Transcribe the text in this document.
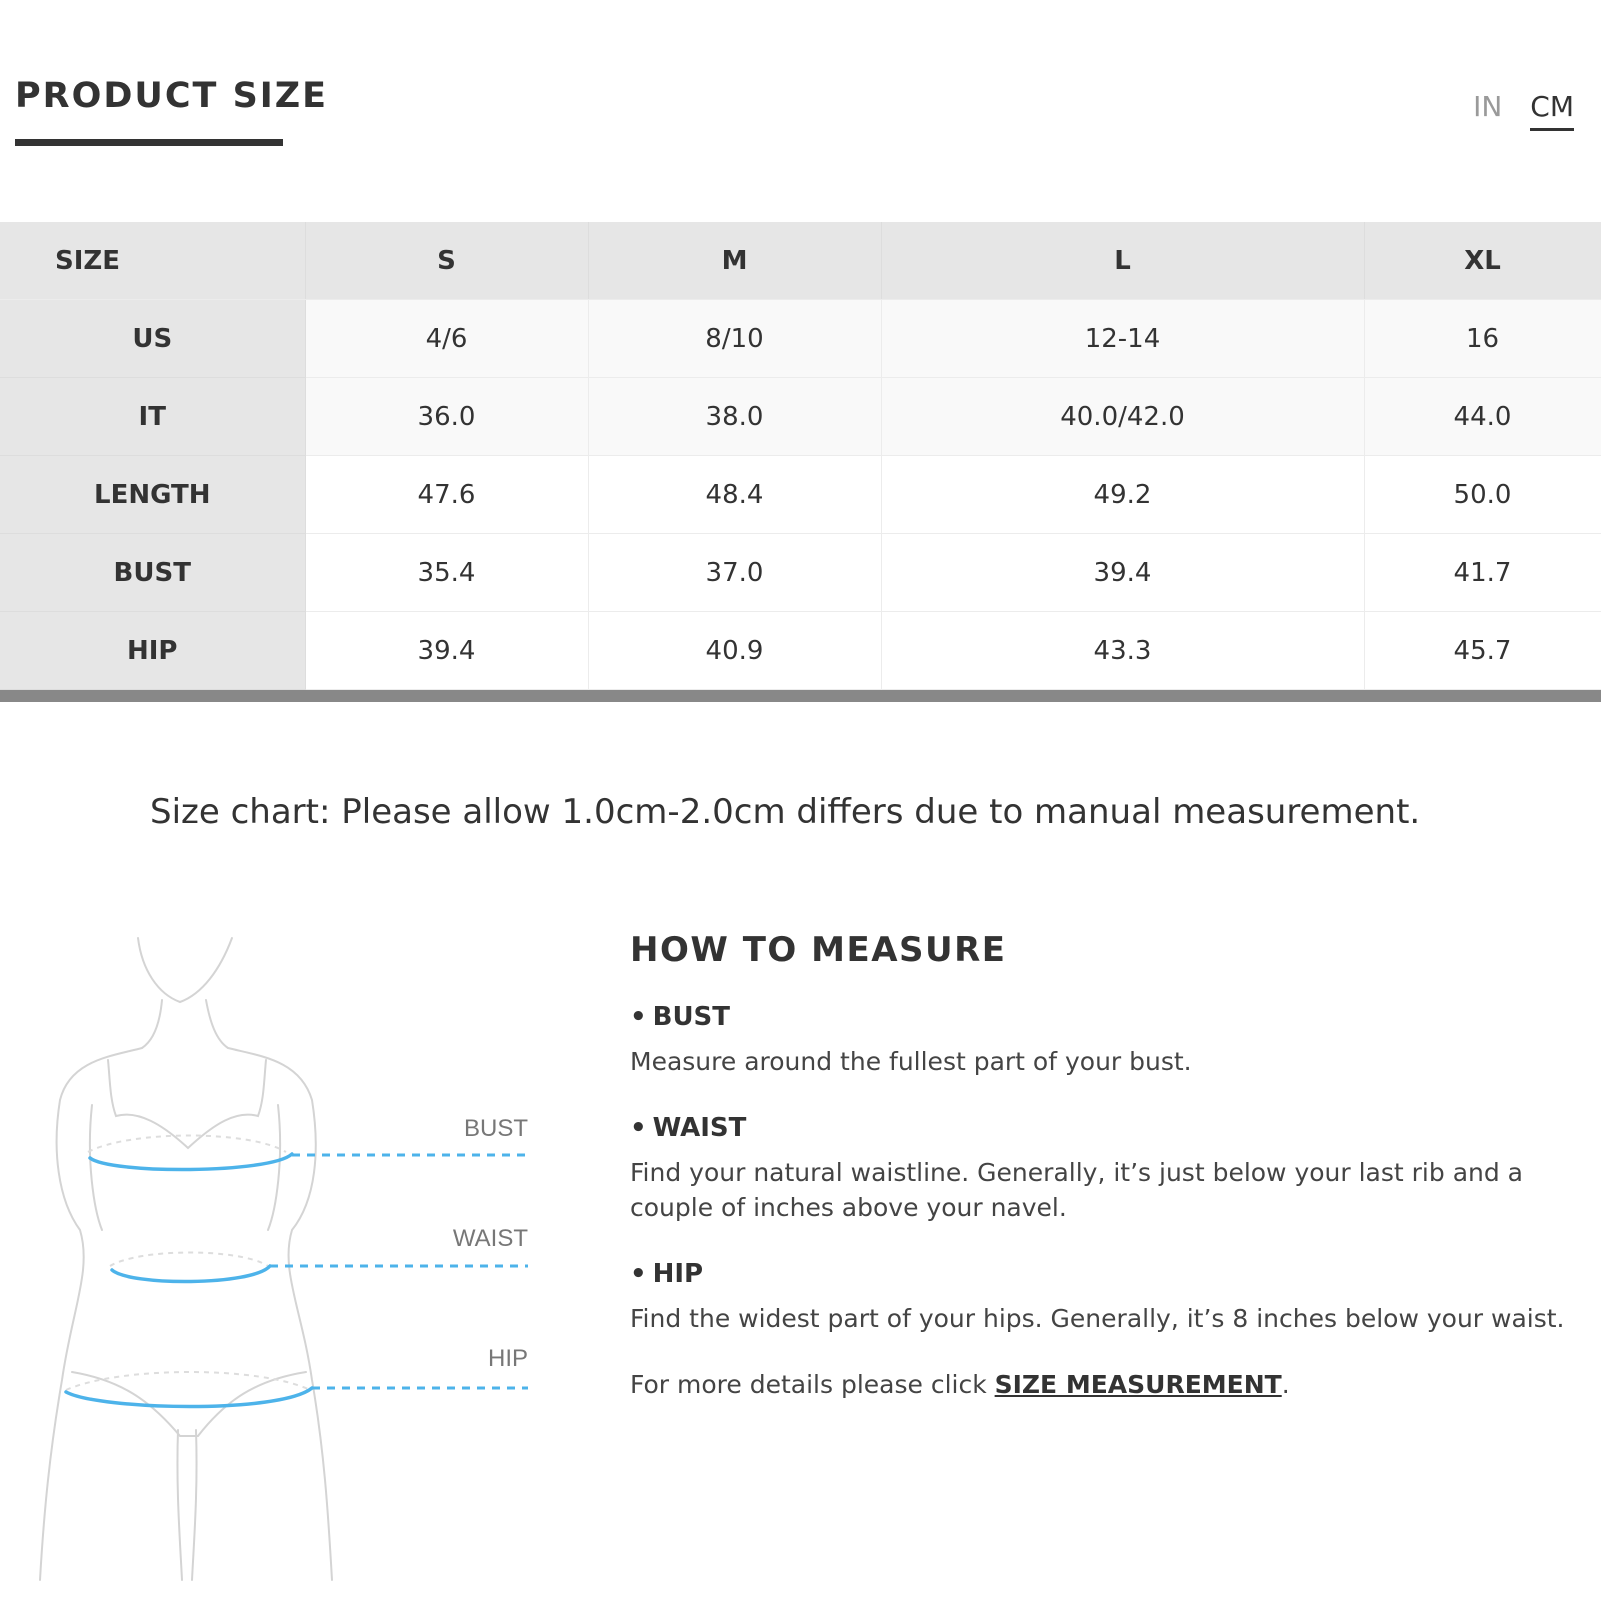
PRODUCT SIZE	IN CM
SIZE	S	M	L	XL
US	4/6	8/10	12-14	16
IT	36.0	38.0	40.0/42.0	44.0
LENGTH	47.6	48.4	49.2	50.0
BUST	35.4	37.0	39.4	41.7
HIP	39.4	40.9	43.3	45.7

Size chart: Please allow 1.0cm-2.0cm differs due to manual measurement.

BUST
WAIST
HIP
HOW TO MEASURE

• BUST

Measure around the fullest part of your bust.

• WAIST

Find your natural waistline. Generally, it’s just below your last rib and a couple of inches above your navel.

• HIP

Find the widest part of your hips. Generally, it’s 8 inches below your waist.

For more details please click SIZE MEASUREMENT.
